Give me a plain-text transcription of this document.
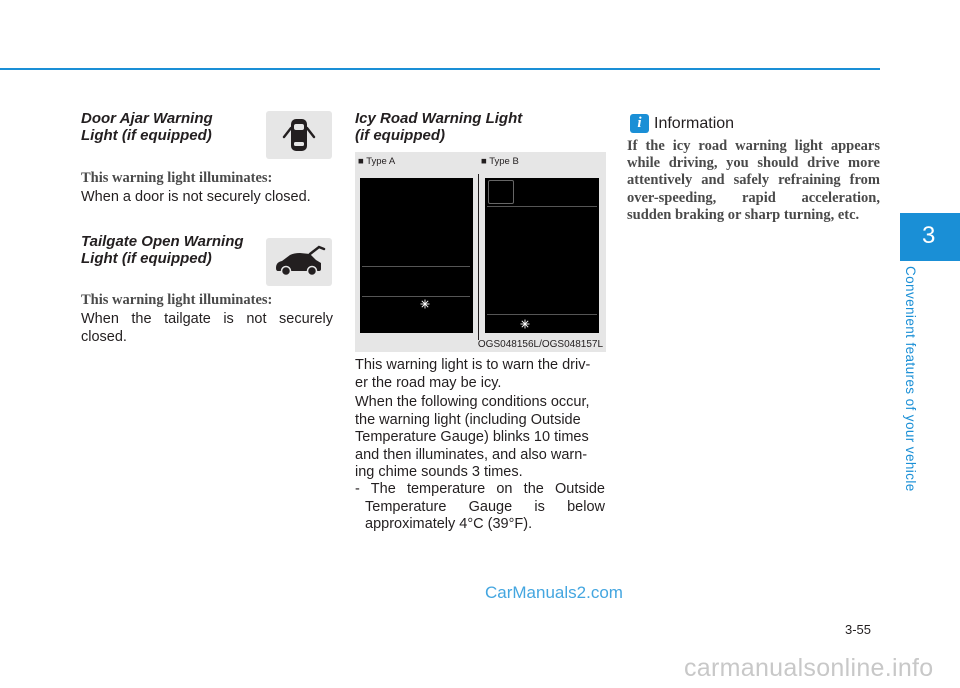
Door Ajar Warning
Light (if equipped)

This warning light illuminates:

When a door is not securely closed.

Tailgate Open Warning
Light (if equipped)

This warning light illuminates:

When the tailgate is not securely
closed.

Icy Road Warning Light
(if equipped)

■ Type A	■ Type B
OGS048156L/OGS048157L
This warning light is to warn the driv-
er the road may be icy.
When the following conditions occur,
the warning light (including Outside
Temperature Gauge) blinks 10 times
and then illuminates, and also warn-
ing chime sounds 3 times.
- The temperature on the Outside
Temperature Gauge is below
approximately 4°C (39°F).
i Information
If the icy road warning light appears
while driving, you should drive more
attentively and safely refraining from
over-speeding, rapid acceleration,
sudden braking or sharp turning, etc.
3
Convenient features of your vehicle
3-55
CarManuals2.com
carmanualsonline.info
